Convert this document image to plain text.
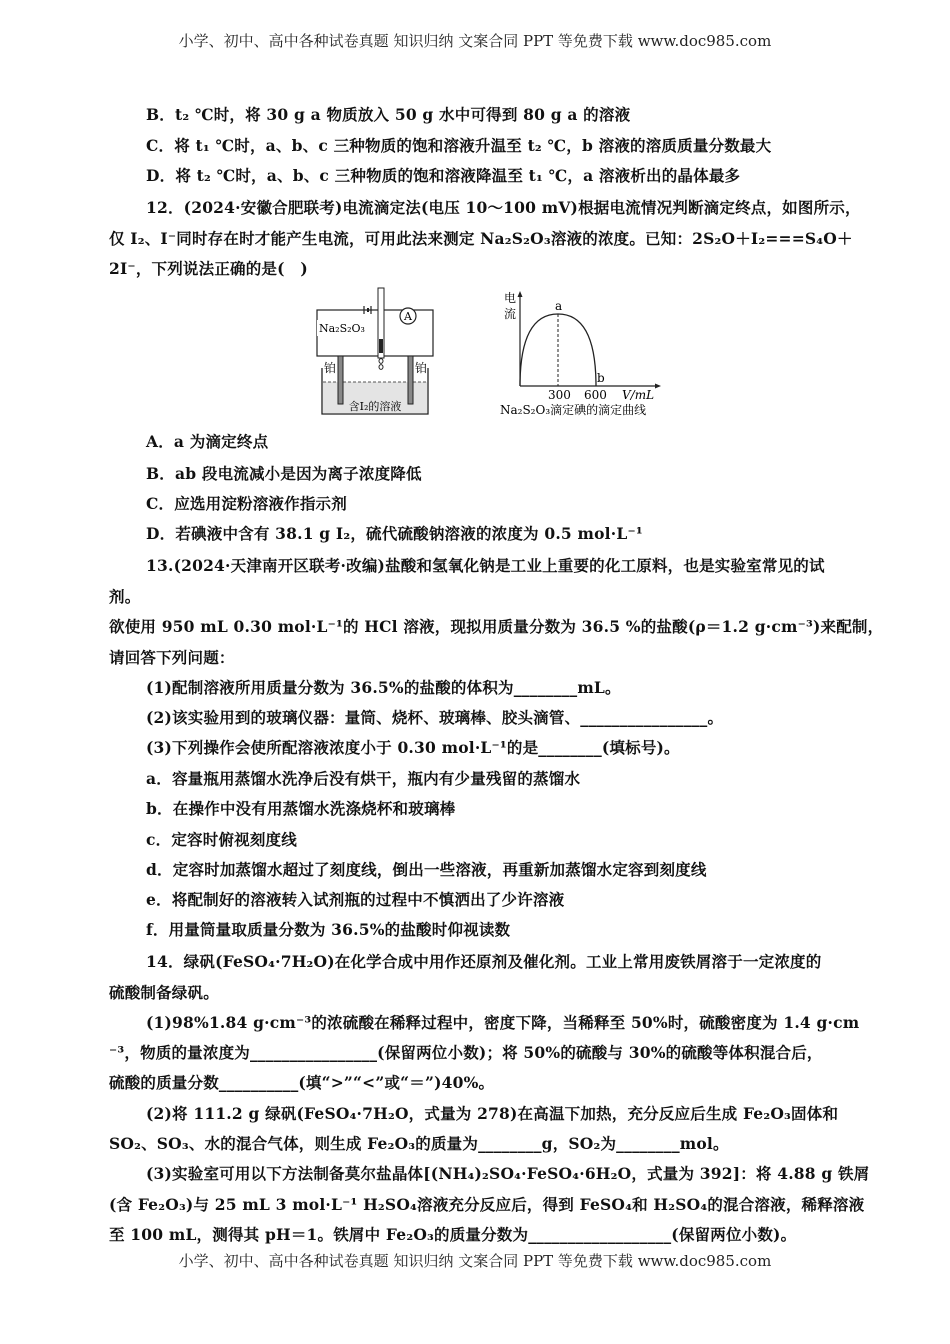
小学、初中、高中各种试卷真题 知识归纳 文案合同 PPT 等免费下载 www.doc985.com
B．t₂ ℃时，将 30 g a 物质放入 50 g 水中可得到 80 g a 的溶液
C．将 t₁ ℃时，a、b、c 三种物质的饱和溶液升温至 t₂ ℃，b 溶液的溶质质量分数最大
D．将 t₂ ℃时，a、b、c 三种物质的饱和溶液降温至 t₁ ℃，a 溶液析出的晶体最多
12．(2024·安徽合肥联考)电流滴定法(电压 10～100 mV)根据电流情况判断滴定终点，如图所示，
仅 I₂、I⁻同时存在时才能产生电流，可用此法来测定 Na₂S₂O₃溶液的浓度。已知：2S₂O＋I₂===S₄O＋
2I⁻，下列说法正确的是(　)
A．a 为滴定终点
B．ab 段电流减小是因为离子浓度降低
C．应选用淀粉溶液作指示剂
D．若碘液中含有 38.1 g I₂，硫代硫酸钠溶液的浓度为 0.5 mol·L⁻¹
13.(2024·天津南开区联考·改编)盐酸和氢氧化钠是工业上重要的化工原料，也是实验室常见的试
剂。
欲使用 950 mL 0.30 mol·L⁻¹的 HCl 溶液，现拟用质量分数为 36.5 %的盐酸(ρ＝1.2 g·cm⁻³)来配制，
请回答下列问题：
(1)配制溶液所用质量分数为 36.5%的盐酸的体积为________mL。
(2)该实验用到的玻璃仪器：量筒、烧杯、玻璃棒、胶头滴管、________________。
(3)下列操作会使所配溶液浓度小于 0.30 mol·L⁻¹的是________(填标号)。
a．容量瓶用蒸馏水洗净后没有烘干，瓶内有少量残留的蒸馏水
b．在操作中没有用蒸馏水洗涤烧杯和玻璃棒
c．定容时俯视刻度线
d．定容时加蒸馏水超过了刻度线，倒出一些溶液，再重新加蒸馏水定容到刻度线
e．将配制好的溶液转入试剂瓶的过程中不慎洒出了少许溶液
f．用量筒量取质量分数为 36.5%的盐酸时仰视读数
14．绿矾(FeSO₄·7H₂O)在化学合成中用作还原剂及催化剂。工业上常用废铁屑溶于一定浓度的
硫酸制备绿矾。
(1)98%1.84 g·cm⁻³的浓硫酸在稀释过程中，密度下降，当稀释至 50%时，硫酸密度为 1.4 g·cm
⁻³，物质的量浓度为________________(保留两位小数)；将 50%的硫酸与 30%的硫酸等体积混合后，
硫酸的质量分数__________(填“>”“<”或“＝”)40%。
(2)将 111.2 g 绿矾(FeSO₄·7H₂O，式量为 278)在高温下加热，充分反应后生成 Fe₂O₃固体和
SO₂、SO₃、水的混合气体，则生成 Fe₂O₃的质量为________g，SO₂为________mol。
(3)实验室可用以下方法制备莫尔盐晶体[(NH₄)₂SO₄·FeSO₄·6H₂O，式量为 392]：将 4.88 g 铁屑
(含 Fe₂O₃)与 25 mL 3 mol·L⁻¹ H₂SO₄溶液充分反应后，得到 FeSO₄和 H₂SO₄的混合溶液，稀释溶液
至 100 mL，测得其 pH＝1。铁屑中 Fe₂O₃的质量分数为__________________(保留两位小数)。
A
Na₂S₂O₃
铂	铂
含I₂的溶液
电
流
a
b
300 600 V/mL
Na₂S₂O₃滴定碘的滴定曲线
小学、初中、高中各种试卷真题 知识归纳 文案合同 PPT 等免费下载 www.doc985.com
